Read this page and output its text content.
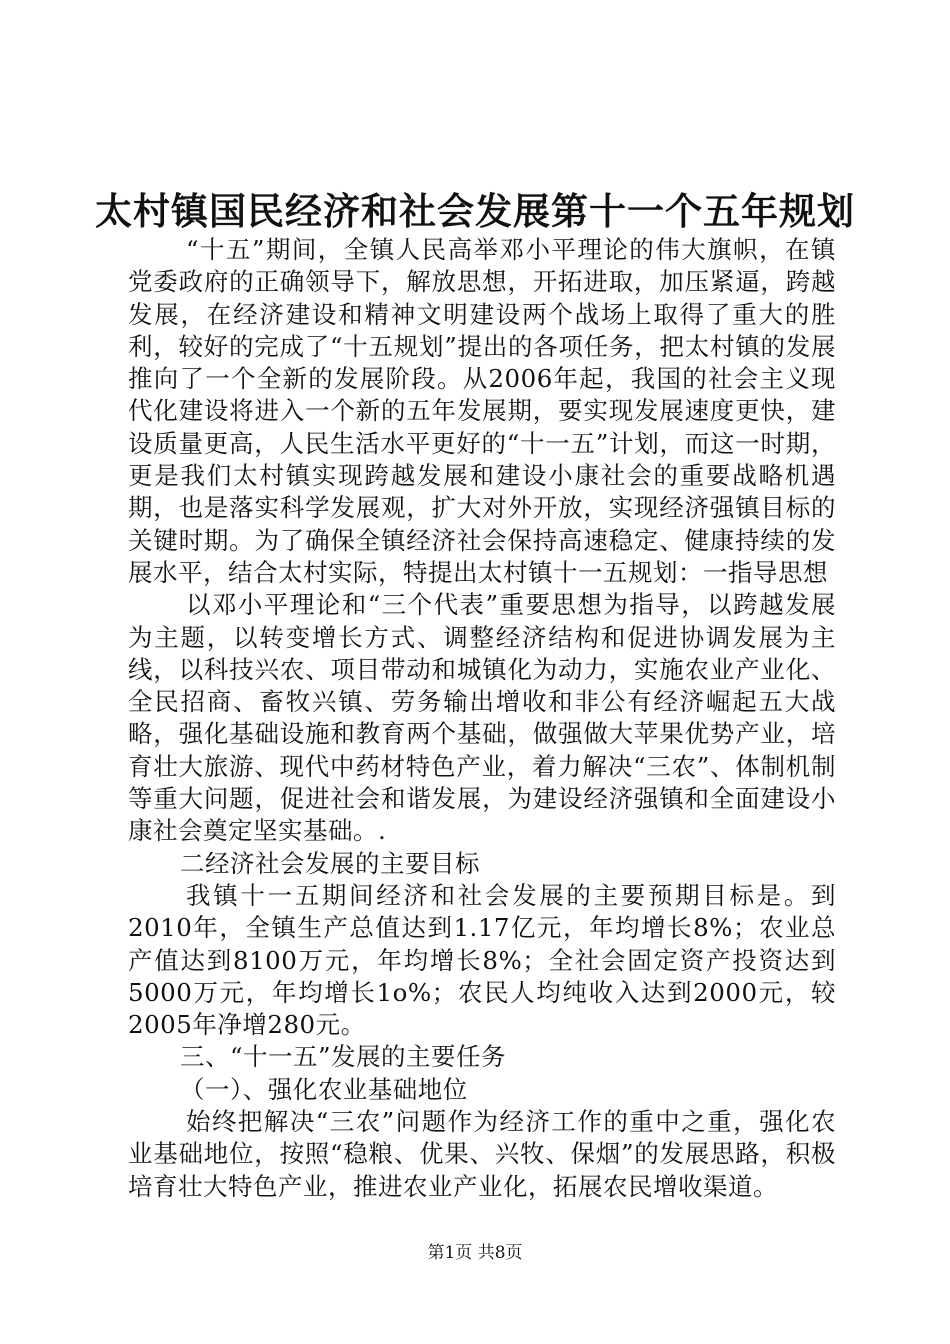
太村镇国民经济和社会发展第十一个五年规划

“十五”期间，全镇人民高举邓小平理论的伟大旗帜，在镇党委政府的正确领导下，解放思想，开拓进取，加压紧逼，跨越发展，在经济建设和精神文明建设两个战场上取得了重大的胜利，较好的完成了“十五规划”提出的各项任务，把太村镇的发展推向了一个全新的发展阶段。从2006年起，我国的社会主义现代化建设将进入一个新的五年发展期，要实现发展速度更快，建设质量更高，人民生活水平更好的“十一五”计划，而这一时期，更是我们太村镇实现跨越发展和建设小康社会的重要战略机遇期，也是落实科学发展观，扩大对外开放，实现经济强镇目标的关键时期。为了确保全镇经济社会保持高速稳定、健康持续的发展水平，结合太村实际，特提出太村镇十一五规划：一指导思想

以邓小平理论和“三个代表”重要思想为指导，以跨越发展为主题，以转变增长方式、调整经济结构和促进协调发展为主线，以科技兴农、项目带动和城镇化为动力，实施农业产业化、全民招商、畜牧兴镇、劳务输出增收和非公有经济崛起五大战略，强化基础设施和教育两个基础，做强做大苹果优势产业，培育壮大旅游、现代中药材特色产业，着力解决“三农”、体制机制等重大问题，促进社会和谐发展，为建设经济强镇和全面建设小康社会奠定坚实基础。.

二经济社会发展的主要目标

我镇十一五期间经济和社会发展的主要预期目标是。到2010年，全镇生产总值达到1.17亿元，年均增长8%；农业总产值达到8100万元，年均增长8%；全社会固定资产投资达到5000万元，年均增长1o%；农民人均纯收入达到2000元，较2005年净增280元。

三、“十一五”发展的主要任务

（一）、强化农业基础地位

始终把解决“三农”问题作为经济工作的重中之重，强化农业基础地位，按照“稳粮、优果、兴牧、保烟”的发展思路，积极培育壮大特色产业，推进农业产业化，拓展农民增收渠道。

第1页 共8页
